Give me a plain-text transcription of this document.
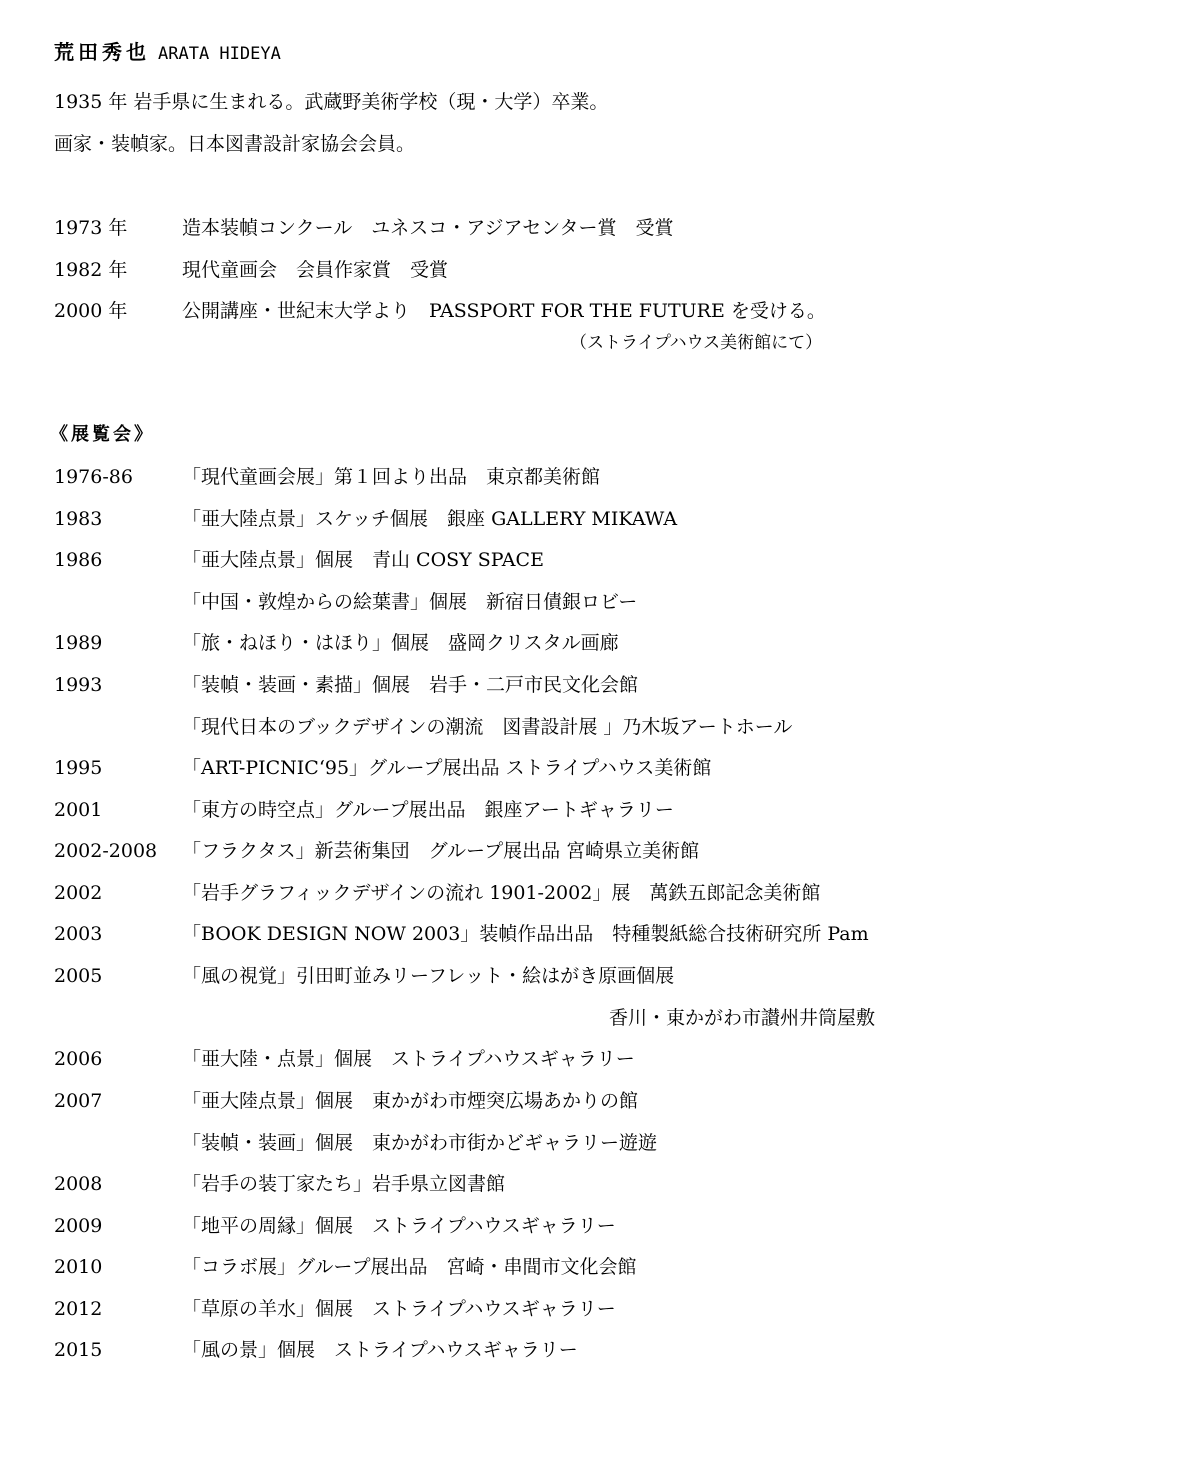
荒田秀也 ARATA HIDEYA
1935 年 岩手県に生まれる。武蔵野美術学校（現・大学）卒業。
画家・装幀家。日本図書設計家協会会員。
1973 年	造本装幀コンクール　ユネスコ・アジアセンター賞　受賞
1982 年	現代童画会　会員作家賞　受賞
2000 年	公開講座・世紀末大学より　PASSPORT FOR THE FUTURE を受ける。
（ストライプハウス美術館にて）
《展覧会》
1976-86	「現代童画会展」第１回より出品　東京都美術館
1983	「亜大陸点景」スケッチ個展　銀座 GALLERY MIKAWA
1986	「亜大陸点景」個展　青山 COSY SPACE
「中国・敦煌からの絵葉書」個展　新宿日債銀ロビー
1989	「旅・ねほり・はほり」個展　盛岡クリスタル画廊
1993	「装幀・装画・素描」個展　岩手・二戸市民文化会館
「現代日本のブックデザインの潮流　図書設計展 」乃木坂アートホール
1995	「ART-PICNIC‘95」グループ展出品 ストライプハウス美術館
2001	「東方の時空点」グループ展出品　銀座アートギャラリー
2002-2008 「フラクタス」新芸術集団　グループ展出品 宮崎県立美術館
2002	「岩手グラフィックデザインの流れ 1901-2002」展　萬鉄五郎記念美術館
2003	「BOOK DESIGN NOW 2003」装幀作品出品　特種製紙総合技術研究所 Pam
2005	「風の視覚」引田町並みリーフレット・絵はがき原画個展
香川・東かがわ市讃州井筒屋敷
2006	「亜大陸・点景」個展　ストライプハウスギャラリー
2007	「亜大陸点景」個展　東かがわ市煙突広場あかりの館
「装幀・装画」個展　東かがわ市街かどギャラリー遊遊
2008	「岩手の装丁家たち」岩手県立図書館
2009	「地平の周縁」個展　ストライプハウスギャラリー
2010	「コラボ展」グループ展出品　宮崎・串間市文化会館
2012	「草原の羊水」個展　ストライプハウスギャラリー
2015	「風の景」個展　ストライプハウスギャラリー
